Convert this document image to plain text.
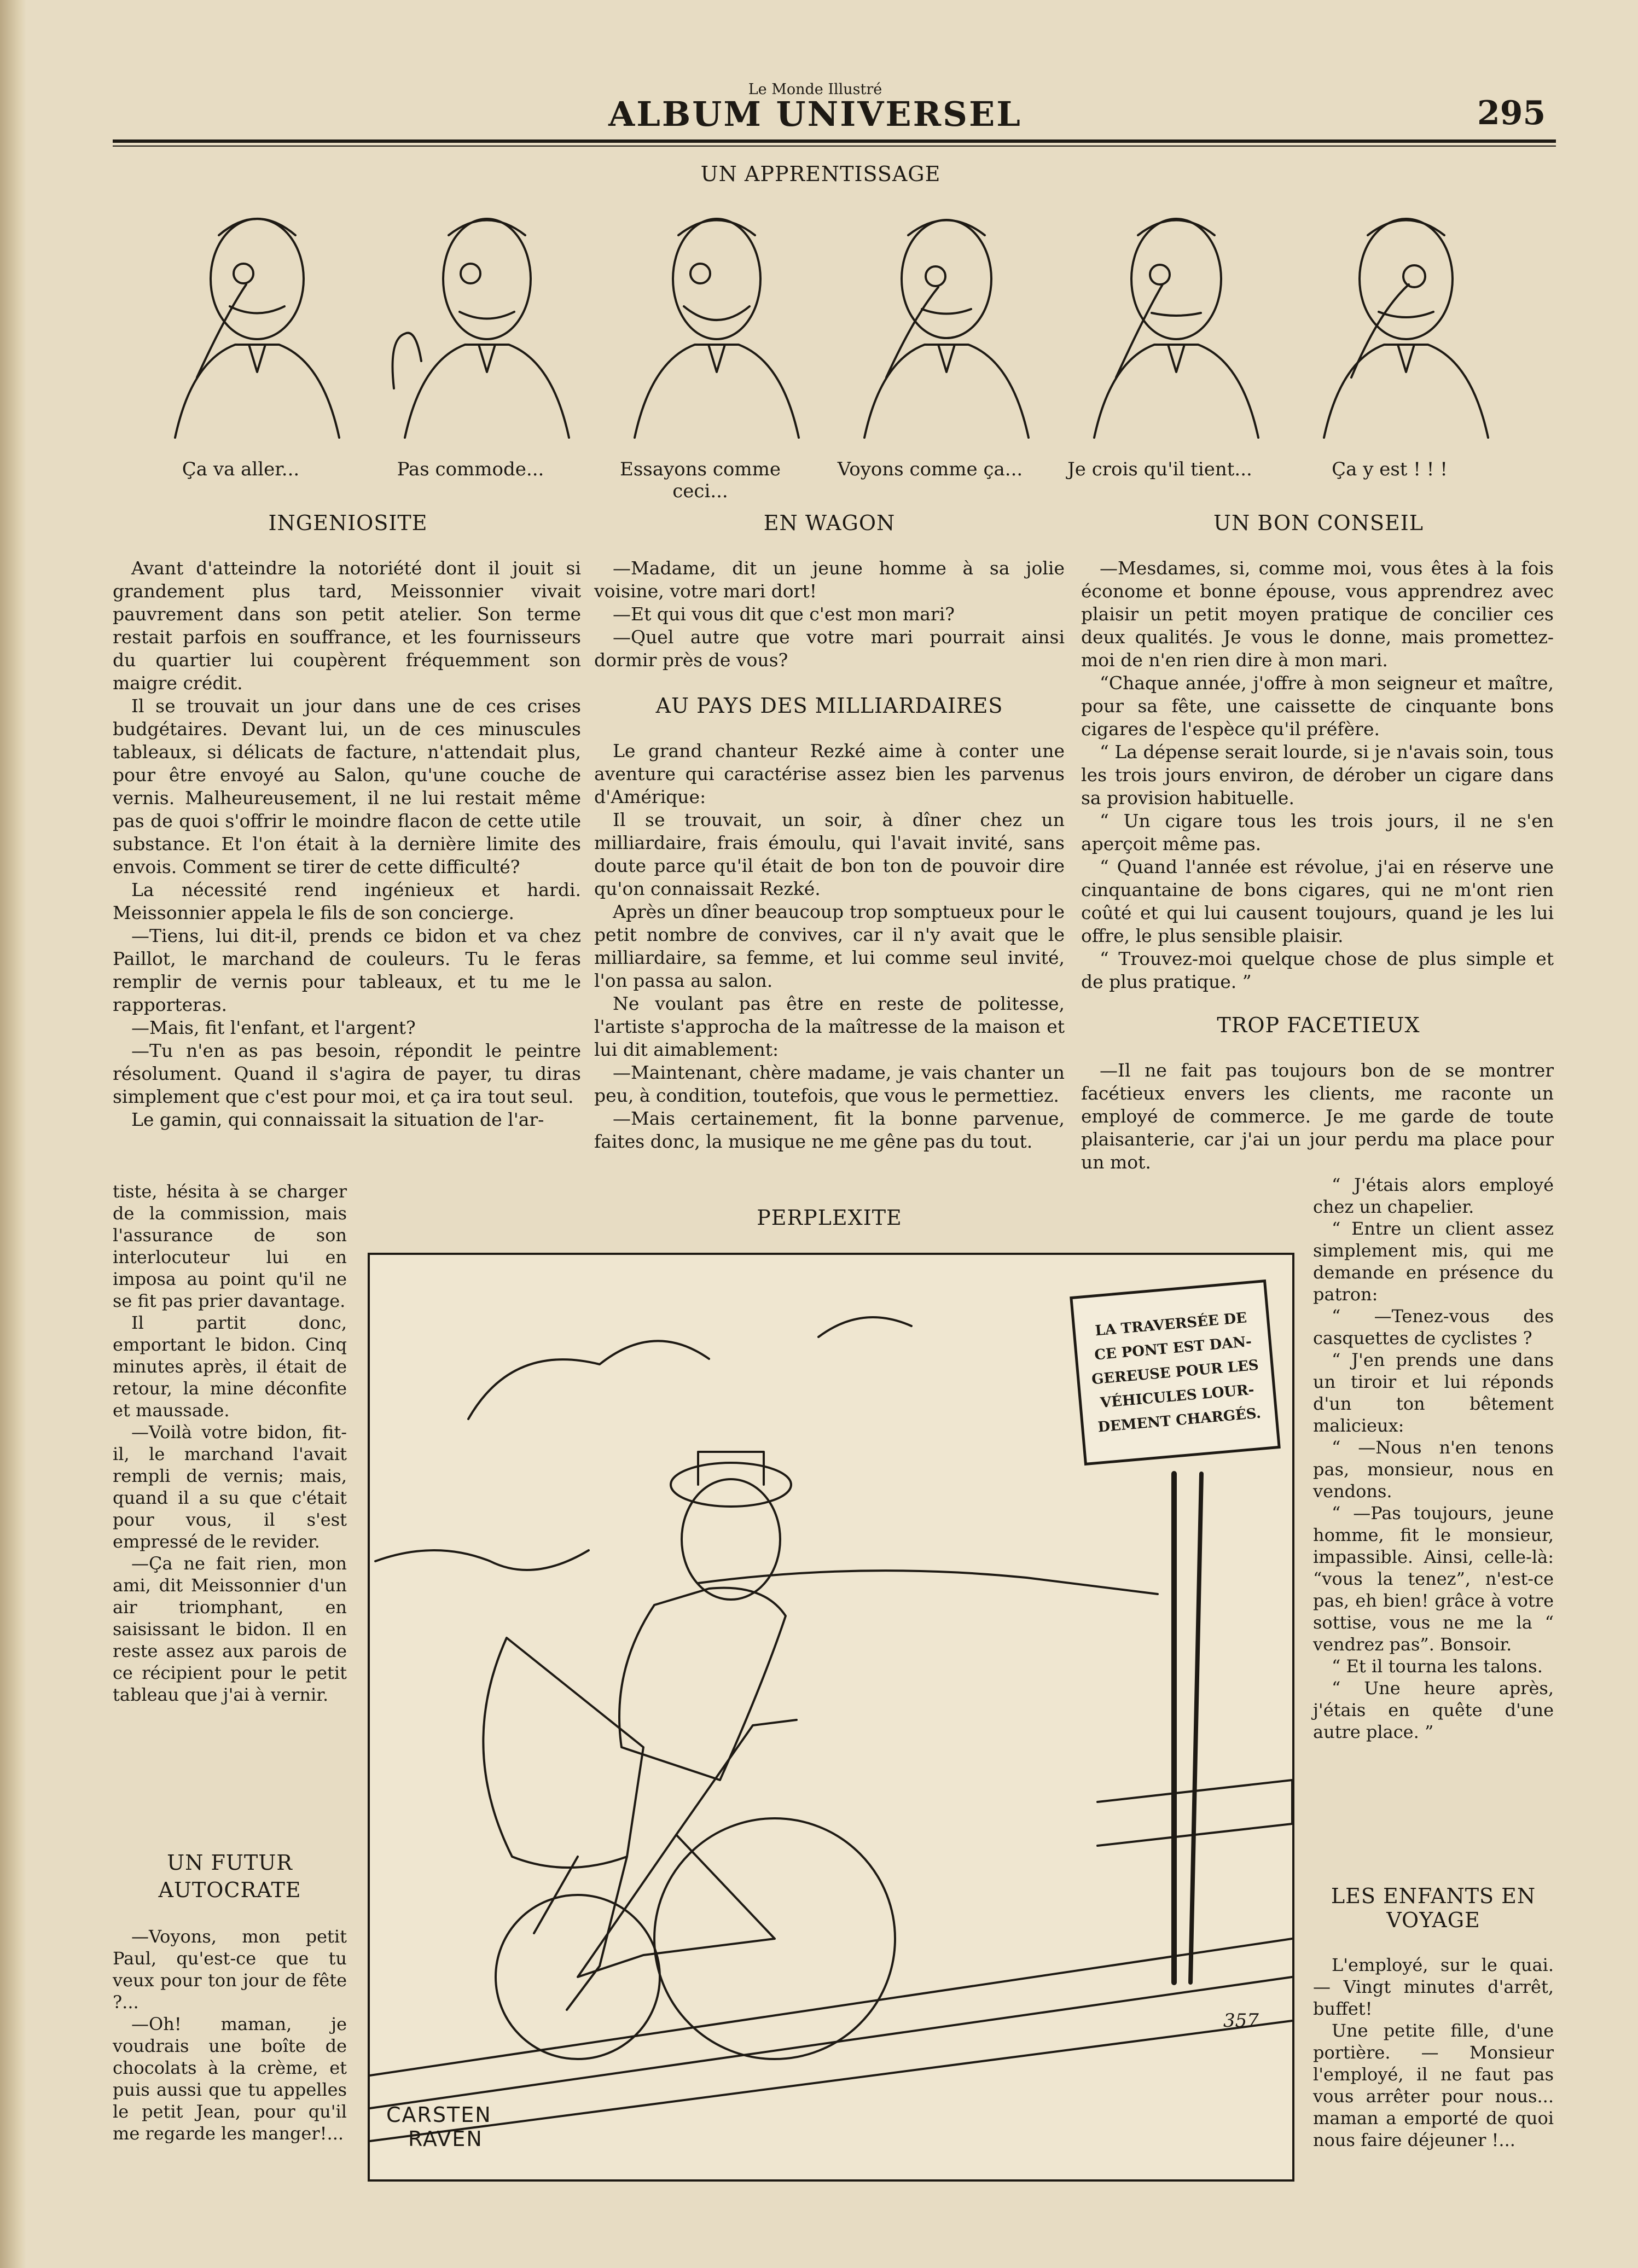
Le Monde Illustré
ALBUM UNIVERSEL	295
UN APPRENTISSAGE
Ça va aller...	Pas commode...	Essayons comme ceci...
Voyons comme ça...	Je crois qu'il tient...	Ça y est ! ! !
INGENIOSITE

Avant d'atteindre la notoriété dont il jouit si grandement plus tard, Meissonnier vivait pauvrement dans son petit atelier. Son terme restait parfois en souffrance, et les fournisseurs du quartier lui coupèrent fréquemment son maigre crédit.

Il se trouvait un jour dans une de ces crises budgétaires. Devant lui, un de ces minuscules tableaux, si délicats de facture, n'attendait plus, pour être envoyé au Salon, qu'une couche de vernis. Malheureusement, il ne lui restait même pas de quoi s'offrir le moindre flacon de cette utile substance. Et l'on était à la dernière limite des envois. Comment se tirer de cette difficulté?

La nécessité rend ingénieux et hardi. Meissonnier appela le fils de son concierge.

—Tiens, lui dit-il, prends ce bidon et va chez Paillot, le marchand de couleurs. Tu le feras remplir de vernis pour tableaux, et tu me le rapporteras.

—Mais, fit l'enfant, et l'argent?

—Tu n'en as pas besoin, répondit le peintre résolument. Quand il s'agira de payer, tu diras simplement que c'est pour moi, et ça ira tout seul.

Le gamin, qui connaissait la situation de l'ar-

tiste, hésita à se charger de la commission, mais l'assurance de son interlocuteur lui en imposa au point qu'il ne se fit pas prier davantage.

Il partit donc, emportant le bidon. Cinq minutes après, il était de retour, la mine déconfite et maussade.

—Voilà votre bidon, fit-il, le marchand l'avait rempli de vernis; mais, quand il a su que c'était pour vous, il s'est empressé de le revider.

—Ça ne fait rien, mon ami, dit Meissonnier d'un air triomphant, en saisissant le bidon. Il en reste assez aux parois de ce récipient pour le petit tableau que j'ai à vernir.

UN FUTUR AUTOCRATE

—Voyons, mon petit Paul, qu'est-ce que tu veux pour ton jour de fête ?...

—Oh! maman, je voudrais une boîte de chocolats à la crème, et puis aussi que tu appelles le petit Jean, pour qu'il me regarde les manger!...

EN WAGON

—Madame, dit un jeune homme à sa jolie voisine, votre mari dort!

—Et qui vous dit que c'est mon mari?

—Quel autre que votre mari pourrait ainsi dormir près de vous?

AU PAYS DES MILLIARDAIRES

Le grand chanteur Rezké aime à conter une aventure qui caractérise assez bien les parvenus d'Amérique:

Il se trouvait, un soir, à dîner chez un milliardaire, frais émoulu, qui l'avait invité, sans doute parce qu'il était de bon ton de pouvoir dire qu'on connaissait Rezké.

Après un dîner beaucoup trop somptueux pour le petit nombre de convives, car il n'y avait que le milliardaire, sa femme, et lui comme seul invité, l'on passa au salon.

Ne voulant pas être en reste de politesse, l'artiste s'approcha de la maîtresse de la maison et lui dit aimablement:

—Maintenant, chère madame, je vais chanter un peu, à condition, toutefois, que vous le permettiez.

—Mais certainement, fit la bonne parvenue, faites donc, la musique ne me gêne pas du tout.

UN BON CONSEIL

—Mesdames, si, comme moi, vous êtes à la fois économe et bonne épouse, vous apprendrez avec plaisir un petit moyen pratique de concilier ces deux qualités. Je vous le donne, mais promettez-moi de n'en rien dire à mon mari.

“Chaque année, j'offre à mon seigneur et maître, pour sa fête, une caissette de cinquante bons cigares de l'espèce qu'il préfère.

“ La dépense serait lourde, si je n'avais soin, tous les trois jours environ, de dérober un cigare dans sa provision habituelle.

“ Un cigare tous les trois jours, il ne s'en aperçoit même pas.

“ Quand l'année est révolue, j'ai en réserve une cinquantaine de bons cigares, qui ne m'ont rien coûté et qui lui causent toujours, quand je les lui offre, le plus sensible plaisir.

“ Trouvez-moi quelque chose de plus simple et de plus pratique. ”

TROP FACETIEUX

—Il ne fait pas toujours bon de se montrer facétieux envers les clients, me raconte un employé de commerce. Je me garde de toute plaisanterie, car j'ai un jour perdu ma place pour un mot.

“ J'étais alors employé chez un chapelier.

“ Entre un client assez simplement mis, qui me demande en présence du patron:

“ —Tenez-vous des casquettes de cyclistes ?

“ J'en prends une dans un tiroir et lui réponds d'un ton bêtement malicieux:

“ —Nous n'en tenons pas, monsieur, nous en vendons.

“ —Pas toujours, jeune homme, fit le monsieur, impassible. Ainsi, celle-là: “vous la tenez”, n'est-ce pas, eh bien! grâce à votre sottise, vous ne me la “ vendrez pas”. Bonsoir.

“ Et il tourna les talons.

“ Une heure après, j'étais en quête d'une autre place. ”

LES ENFANTS EN VOYAGE

L'employé, sur le quai. — Vingt minutes d'arrêt, buffet!

Une petite fille, d'une portière. — Monsieur l'employé, il ne faut pas vous arrêter pour nous... maman a emporté de quoi nous faire déjeuner !...

PERPLEXITE
LA TRAVERSÉE DE
CE PONT EST DAN-
GEREUSE POUR LES
VÉHICULES LOUR-
DEMENT CHARGÉS.
357
CARSTEN
RAVEN
